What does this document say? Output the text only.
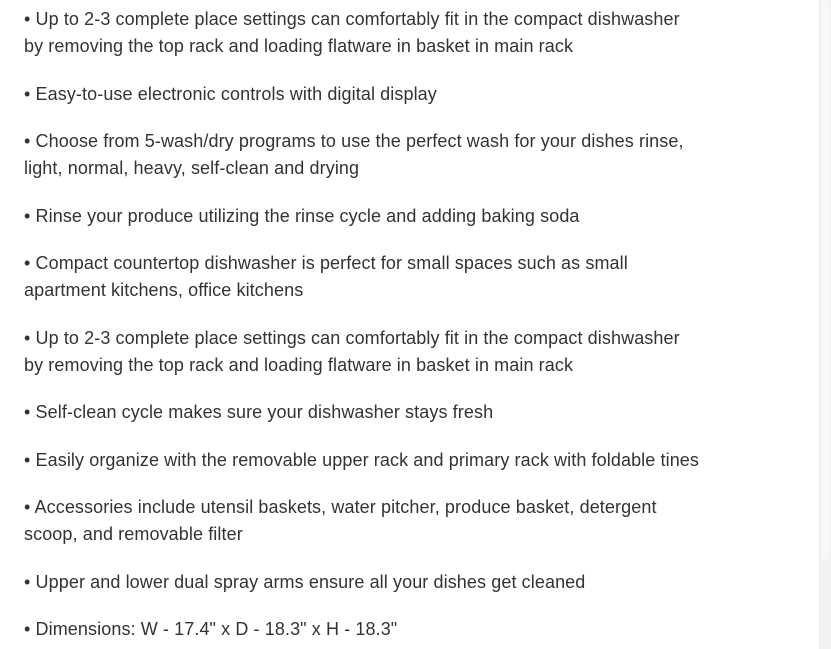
• Up to 2-3 complete place settings can comfortably fit in the compact dishwasher
by removing the top rack and loading flatware in basket in main rack
• Easy-to-use electronic controls with digital display
• Choose from 5-wash/dry programs to use the perfect wash for your dishes rinse,
light, normal, heavy, self-clean and drying
• Rinse your produce utilizing the rinse cycle and adding baking soda
• Compact countertop dishwasher is perfect for small spaces such as small
apartment kitchens, office kitchens
• Up to 2-3 complete place settings can comfortably fit in the compact dishwasher
by removing the top rack and loading flatware in basket in main rack
• Self-clean cycle makes sure your dishwasher stays fresh
• Easily organize with the removable upper rack and primary rack with foldable tines
• Accessories include utensil baskets, water pitcher, produce basket, detergent
scoop, and removable filter
• Upper and lower dual spray arms ensure all your dishes get cleaned
• Dimensions: W - 17.4" x D - 18.3" x H - 18.3"
